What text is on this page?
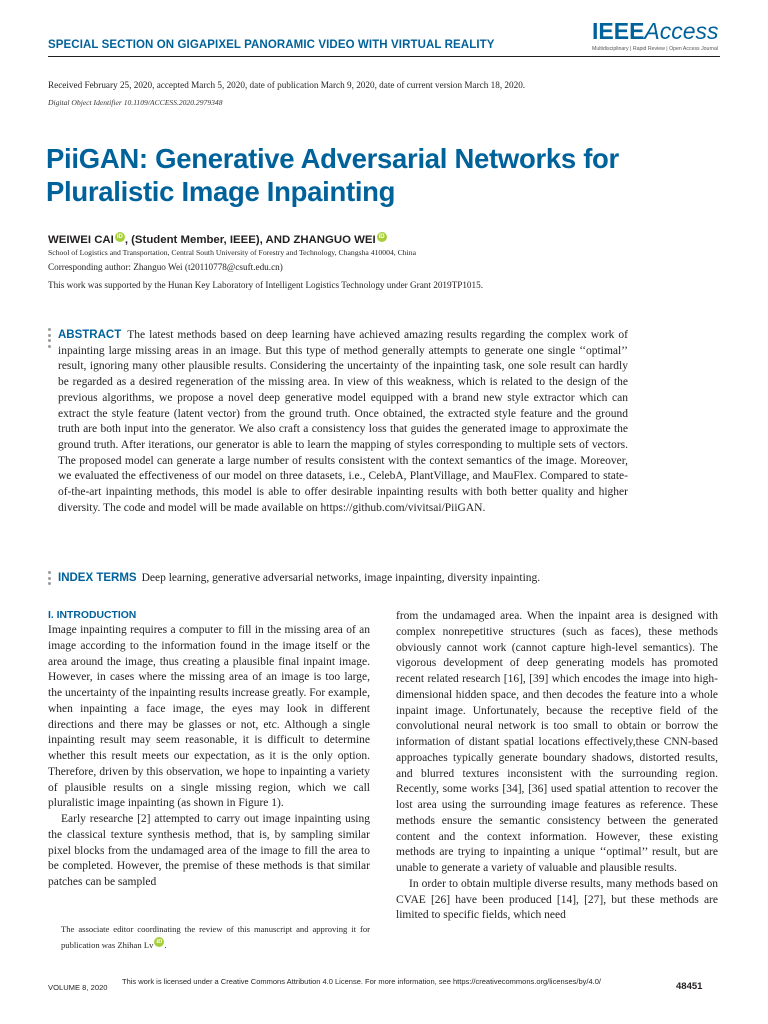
SPECIAL SECTION ON GIGAPIXEL PANORAMIC VIDEO WITH VIRTUAL REALITY
IEEEAccess
Multidisciplinary | Rapid Review | Open Access Journal
Received February 25, 2020, accepted March 5, 2020, date of publication March 9, 2020, date of current version March 18, 2020.
Digital Object Identifier 10.1109/ACCESS.2020.2979348
PiiGAN: Generative Adversarial Networks for
Pluralistic Image Inpainting
WEIWEI CAI iD , (Student Member, IEEE), AND ZHANGUO WEI iD
School of Logistics and Transportation, Central South University of Forestry and Technology, Changsha 410004, China
Corresponding author: Zhanguo Wei (t20110778@csuft.edu.cn)
This work was supported by the Hunan Key Laboratory of Intelligent Logistics Technology under Grant 2019TP1015.
ABSTRACT The latest methods based on deep learning have achieved amazing results regarding the complex work of inpainting large missing areas in an image. But this type of method generally attempts to generate one single ‘‘optimal’’ result, ignoring many other plausible results. Considering the uncertainty of the inpainting task, one sole result can hardly be regarded as a desired regeneration of the missing area. In view of this weakness, which is related to the design of the previous algorithms, we propose a novel deep generative model equipped with a brand new style extractor which can extract the style feature (latent vector) from the ground truth. Once obtained, the extracted style feature and the ground truth are both input into the generator. We also craft a consistency loss that guides the generated image to approximate the ground truth. After iterations, our generator is able to learn the mapping of styles corresponding to multiple sets of vectors. The proposed model can generate a large number of results consistent with the context semantics of the image. Moreover, we evaluated the effectiveness of our model on three datasets, i.e., CelebA, PlantVillage, and MauFlex. Compared to state-of-the-art inpainting methods, this model is able to offer desirable inpainting results with both better quality and higher diversity. The code and model will be made available on https://github.com/vivitsai/PiiGAN.
INDEX TERMS Deep learning, generative adversarial networks, image inpainting, diversity inpainting.
I. INTRODUCTION

Image inpainting requires a computer to fill in the missing area of an image according to the information found in the image itself or the area around the image, thus creating a plausible final inpaint image. However, in cases where the missing area of an image is too large, the uncertainty of the inpainting results increase greatly. For example, when inpainting a face image, the eyes may look in different directions and there may be glasses or not, etc. Although a single inpainting result may seem reasonable, it is difficult to determine whether this result meets our expectation, as it is the only option. Therefore, driven by this observation, we hope to inpainting a variety of plausible results on a single missing region, which we call pluralistic image inpainting (as shown in Figure 1).

Early researche [2] attempted to carry out image inpainting using the classical texture synthesis method, that is, by sampling similar pixel blocks from the undamaged area of the image to fill the area to be completed. However, the premise of these methods is that similar patches can be sampled

from the undamaged area. When the inpaint area is designed with complex nonrepetitive structures (such as faces), these methods obviously cannot work (cannot capture high-level semantics). The vigorous development of deep generating models has promoted recent related research [16], [39] which encodes the image into high-dimensional hidden space, and then decodes the feature into a whole inpaint image. Unfortunately, because the receptive field of the convolutional neural network is too small to obtain or borrow the information of distant spatial locations effectively,these CNN-based approaches typically generate boundary shadows, distorted results, and blurred textures inconsistent with the surrounding region. Recently, some works [34], [36] used spatial attention to recover the lost area using the surrounding image features as reference. These methods ensure the semantic consistency between the generated content and the context information. However, these existing methods are trying to inpainting a unique ‘‘optimal’’ result, but are unable to generate a variety of valuable and plausible results.

In order to obtain multiple diverse results, many methods based on CVAE [26] have been produced [14], [27], but these methods are limited to specific fields, which need

The associate editor coordinating the review of this manuscript and approving it for publication was Zhihan Lv iD .
VOLUME 8, 2020
This work is licensed under a Creative Commons Attribution 4.0 License. For more information, see https://creativecommons.org/licenses/by/4.0/	48451
